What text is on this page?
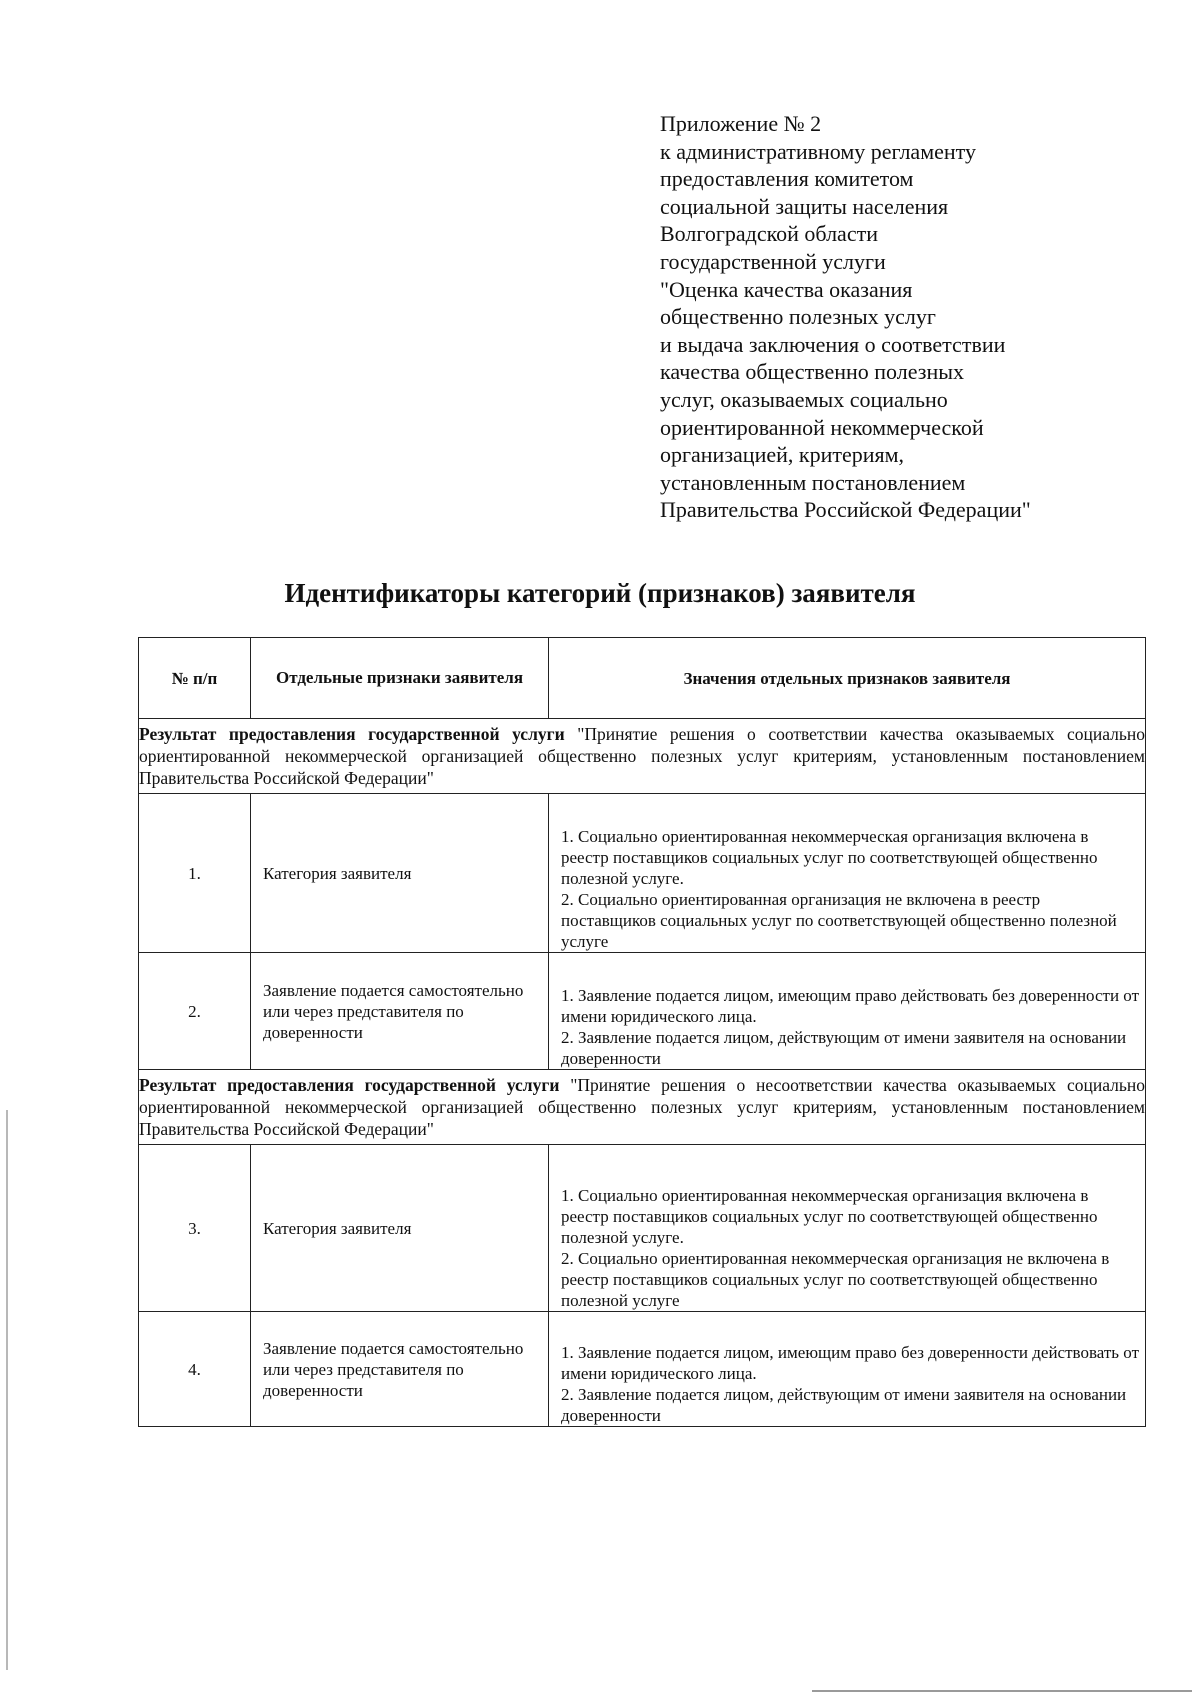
Приложение № 2
к административному регламенту
предоставления комитетом
социальной защиты населения
Волгоградской области
государственной услуги
"Оценка качества оказания
общественно полезных услуг
и выдача заключения о соответствии
качества общественно полезных
услуг, оказываемых социально
ориентированной некоммерческой
организацией, критериям,
установленным постановлением
Правительства Российской Федерации"
Идентификаторы категорий (признаков) заявителя
№ п/п	Отдельные признаки заявителя	Значения отдельных признаков заявителя
Результат предоставления государственной услуги "Принятие решения о соответствии качества оказываемых социально ориентированной некоммерческой организацией общественно полезных услуг критериям, установленным постановлением Правительства Российской Федерации"		
1.	Категория заявителя	1. Социально ориентированная некоммерческая организация включена в реестр поставщиков социальных услуг по соответствующей общественно полезной услуге.
2. Социально ориентированная организация не включена в реестр поставщиков социальных услуг по соответствующей общественно полезной услуге

2.	Заявление подается самостоятельно или через представителя по доверенности	1. Заявление подается лицом, имеющим право действовать без доверенности от имени юридического лица.
2. Заявление подается лицом, действующим от имени заявителя на основании доверенности

Результат предоставления государственной услуги "Принятие решения о несоответствии качества оказываемых социально ориентированной некоммерческой организацией общественно полезных услуг критериям, установленным постановлением Правительства Российской Федерации"		
3.	Категория заявителя	1. Социально ориентированная некоммерческая организация включена в реестр поставщиков социальных услуг по соответствующей общественно полезной услуге.
2. Социально ориентированная некоммерческая организация не включена в реестр поставщиков социальных услуг по соответствующей общественно полезной услуге

4.	Заявление подается самостоятельно или через представителя по доверенности	1. Заявление подается лицом, имеющим право без доверенности действовать от имени юридического лица.
2. Заявление подается лицом, действующим от имени заявителя на основании доверенности
